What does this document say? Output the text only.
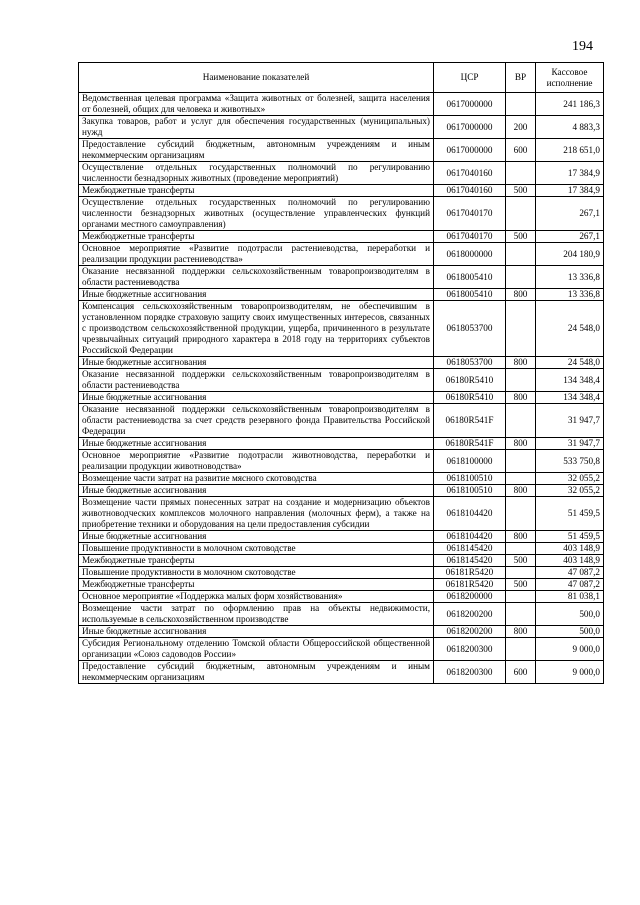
194
Наименование показателей	ЦСР	ВР	Кассовое исполнение
Ведомственная целевая программа «Защита животных от болезней, защита населения от болезней, общих для человека и животных»	0617000000		241 186,3
Закупка товаров, работ и услуг для обеспечения государственных (муниципальных) нужд	0617000000	200	4 883,3
Предоставление субсидий бюджетным, автономным учреждениям и иным некоммерческим организациям	0617000000	600	218 651,0
Осуществление отдельных государственных полномочий по регулированию численности безнадзорных животных (проведение мероприятий)	0617040160		17 384,9
Межбюджетные трансферты	0617040160	500	17 384,9
Осуществление отдельных государственных полномочий по регулированию численности безнадзорных животных (осуществление управленческих функций органами местного самоуправления)	0617040170		267,1
Межбюджетные трансферты	0617040170	500	267,1
Основное мероприятие «Развитие подотрасли растениеводства, переработки и реализации продукции растениеводства»	0618000000		204 180,9
Оказание несвязанной поддержки сельскохозяйственным товаропроизводителям в области растениеводства	0618005410		13 336,8
Иные бюджетные ассигнования	0618005410	800	13 336,8
Компенсация сельскохозяйственным товаропроизводителям, не обеспечившим в установленном порядке страховую защиту своих имущественных интересов, связанных с производством сельскохозяйственной продукции, ущерба, причиненного в результате чрезвычайных ситуаций природного характера в 2018 году на территориях субъектов Российской Федерации	0618053700		24 548,0
Иные бюджетные ассигнования	0618053700	800	24 548,0
Оказание несвязанной поддержки сельскохозяйственным товаропроизводителям в области растениеводства	06180R5410		134 348,4
Иные бюджетные ассигнования	06180R5410	800	134 348,4
Оказание несвязанной поддержки сельскохозяйственным товаропроизводителям в области растениеводства за счет средств резервного фонда Правительства Российской Федерации	06180R541F		31 947,7
Иные бюджетные ассигнования	06180R541F	800	31 947,7
Основное мероприятие «Развитие подотрасли животноводства, переработки и реализации продукции животноводства»	0618100000		533 750,8
Возмещение части затрат на развитие мясного скотоводства	0618100510		32 055,2
Иные бюджетные ассигнования	0618100510	800	32 055,2
Возмещение части прямых понесенных затрат на создание и модернизацию объектов животноводческих комплексов молочного направления (молочных ферм), а также на приобретение техники и оборудования на цели предоставления субсидии	0618104420		51 459,5
Иные бюджетные ассигнования	0618104420	800	51 459,5
Повышение продуктивности в молочном скотоводстве	0618145420		403 148,9
Межбюджетные трансферты	0618145420	500	403 148,9
Повышение продуктивности в молочном скотоводстве	06181R5420		47 087,2
Межбюджетные трансферты	06181R5420	500	47 087,2
Основное мероприятие «Поддержка малых форм хозяйствования»	0618200000		81 038,1
Возмещение части затрат по оформлению прав на объекты недвижимости, используемые в сельскохозяйственном производстве	0618200200		500,0
Иные бюджетные ассигнования	0618200200	800	500,0
Субсидия Региональному отделению Томской области Общероссийской общественной организации «Союз садоводов России»	0618200300		9 000,0
Предоставление субсидий бюджетным, автономным учреждениям и иным некоммерческим организациям	0618200300	600	9 000,0
